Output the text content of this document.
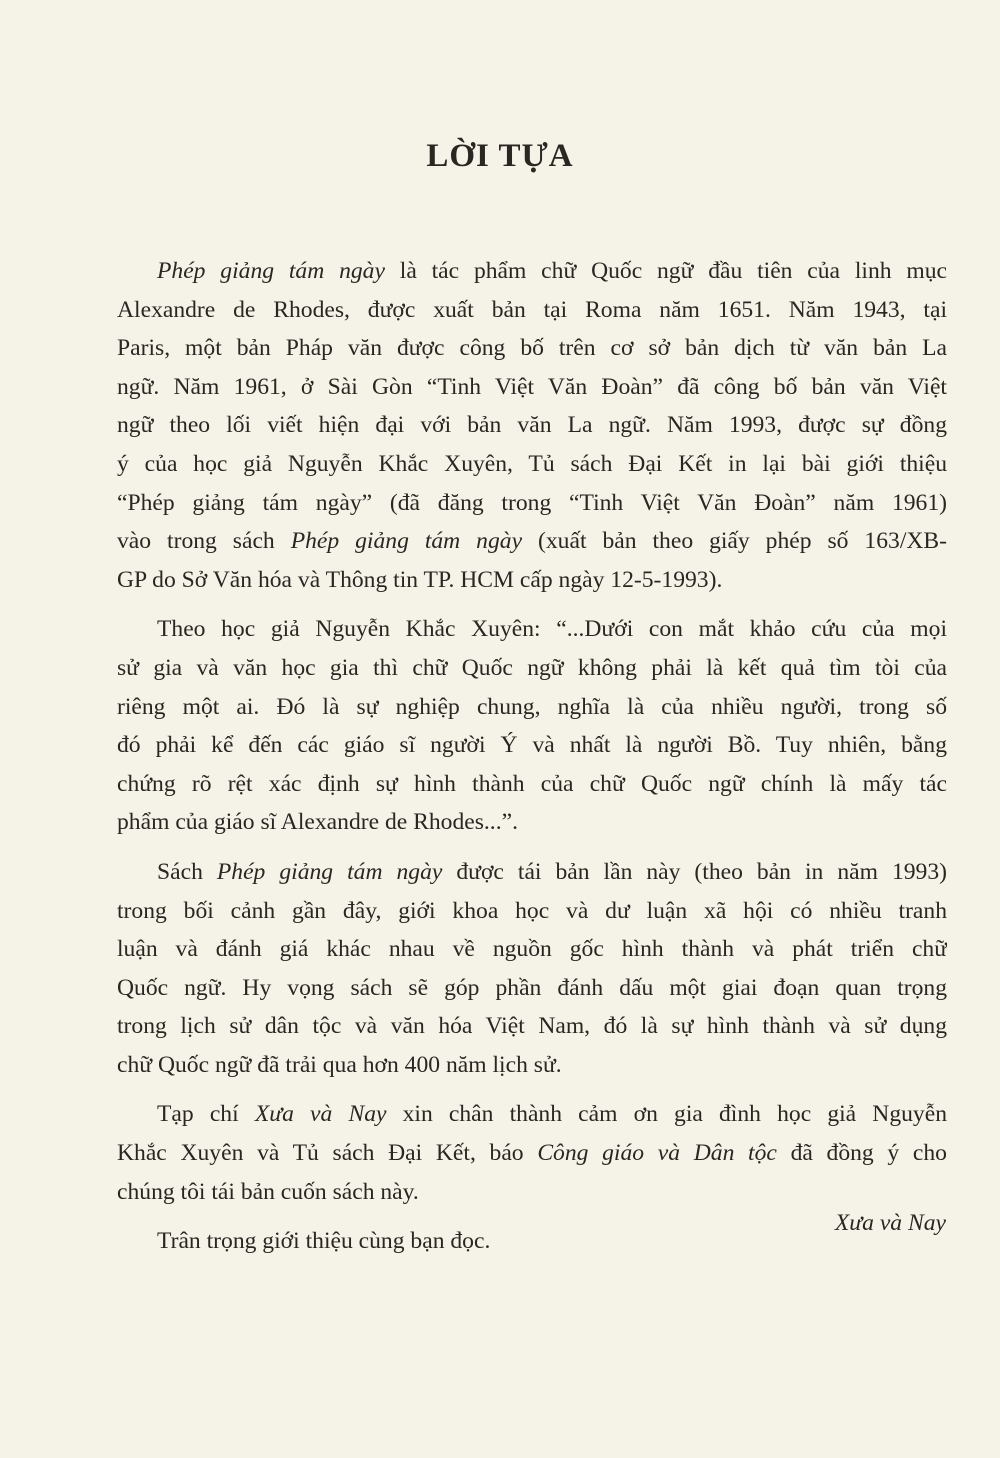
LỜI TỰA
Phép giảng tám ngày là tác phẩm chữ Quốc ngữ đầu tiên của linh mục
Alexandre de Rhodes, được xuất bản tại Roma năm 1651. Năm 1943, tại
Paris, một bản Pháp văn được công bố trên cơ sở bản dịch từ văn bản La
ngữ. Năm 1961, ở Sài Gòn “Tinh Việt Văn Đoàn” đã công bố bản văn Việt
ngữ theo lối viết hiện đại với bản văn La ngữ. Năm 1993, được sự đồng
ý của học giả Nguyễn Khắc Xuyên, Tủ sách Đại Kết in lại bài giới thiệu
“Phép giảng tám ngày” (đã đăng trong “Tinh Việt Văn Đoàn” năm 1961)
vào trong sách Phép giảng tám ngày (xuất bản theo giấy phép số 163/XB-
GP do Sở Văn hóa và Thông tin TP. HCM cấp ngày 12-5-1993).
Theo học giả Nguyễn Khắc Xuyên: “...Dưới con mắt khảo cứu của mọi
sử gia và văn học gia thì chữ Quốc ngữ không phải là kết quả tìm tòi của
riêng một ai. Đó là sự nghiệp chung, nghĩa là của nhiều người, trong số
đó phải kể đến các giáo sĩ người Ý và nhất là người Bồ. Tuy nhiên, bằng
chứng rõ rệt xác định sự hình thành của chữ Quốc ngữ chính là mấy tác
phẩm của giáo sĩ Alexandre de Rhodes...”.
Sách Phép giảng tám ngày được tái bản lần này (theo bản in năm 1993)
trong bối cảnh gần đây, giới khoa học và dư luận xã hội có nhiều tranh
luận và đánh giá khác nhau về nguồn gốc hình thành và phát triển chữ
Quốc ngữ. Hy vọng sách sẽ góp phần đánh dấu một giai đoạn quan trọng
trong lịch sử dân tộc và văn hóa Việt Nam, đó là sự hình thành và sử dụng
chữ Quốc ngữ đã trải qua hơn 400 năm lịch sử.
Tạp chí Xưa và Nay xin chân thành cảm ơn gia đình học giả Nguyễn
Khắc Xuyên và Tủ sách Đại Kết, báo Công giáo và Dân tộc đã đồng ý cho
chúng tôi tái bản cuốn sách này.
Trân trọng giới thiệu cùng bạn đọc.
Xưa và Nay
